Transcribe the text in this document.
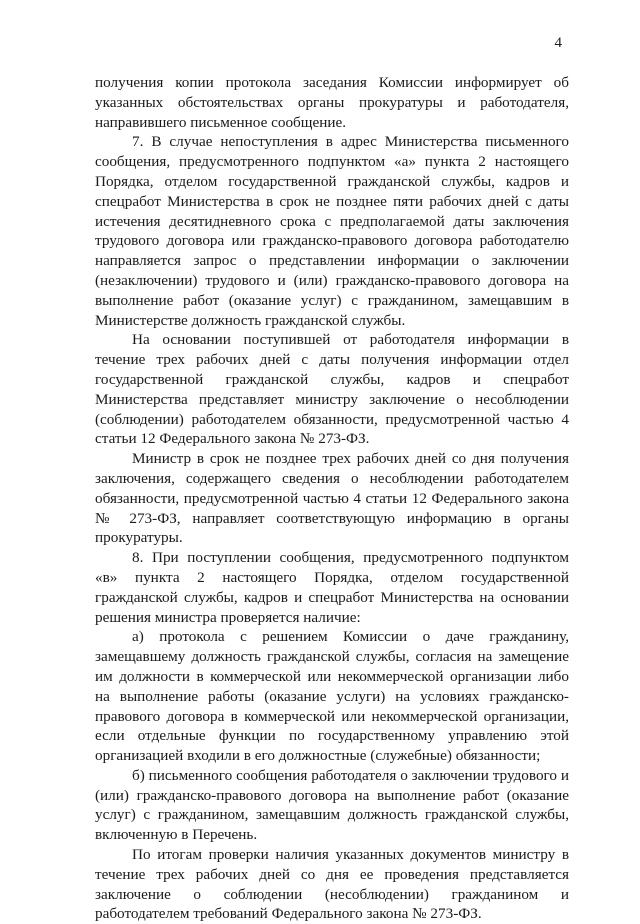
4

получения копии протокола заседания Комиссии информирует об указанных обстоятельствах органы прокуратуры и работодателя, направившего письменное сообщение.

7. В случае непоступления в адрес Министерства письменного сообщения, предусмотренного подпунктом «а» пункта 2 настоящего Порядка, отделом государственной гражданской службы, кадров и спецработ Министерства в срок не позднее пяти рабочих дней с даты истечения десятидневного срока с предполагаемой даты заключения трудового договора или гражданско-правового договора работодателю направляется запрос о представлении информации о заключении (незаключении) трудового и (или) гражданско-правового договора на выполнение работ (оказание услуг) с гражданином, замещавшим в Министерстве должность гражданской службы.

На основании поступившей от работодателя информации в течение трех рабочих дней с даты получения информации отдел государственной гражданской службы, кадров и спецработ Министерства представляет министру заключение о несоблюдении (соблюдении) работодателем обязанности, предусмотренной частью 4 статьи 12 Федерального закона № 273-ФЗ.

Министр в срок не позднее трех рабочих дней со дня получения заключения, содержащего сведения о несоблюдении работодателем обязанности, предусмотренной частью 4 статьи 12 Федерального закона № 273-ФЗ, направляет соответствующую информацию в органы прокуратуры.

8. При поступлении сообщения, предусмотренного подпунктом «в» пункта 2 настоящего Порядка, отделом государственной гражданской службы, кадров и спецработ Министерства на основании решения министра проверяется наличие:

а) протокола с решением Комиссии о даче гражданину, замещавшему должность гражданской службы, согласия на замещение им должности в коммерческой или некоммерческой организации либо на выполнение работы (оказание услуги) на условиях гражданско-правового договора в коммерческой или некоммерческой организации, если отдельные функции по государственному управлению этой организацией входили в его должностные (служебные) обязанности;

б) письменного сообщения работодателя о заключении трудового и (или) гражданско-правового договора на выполнение работ (оказание услуг) с гражданином, замещавшим должность гражданской службы, включенную в Перечень.

По итогам проверки наличия указанных документов министру в течение трех рабочих дней со дня ее проведения представляется заключение о соблюдении (несоблюдении) гражданином и работодателем требований Федерального закона № 273-ФЗ.
